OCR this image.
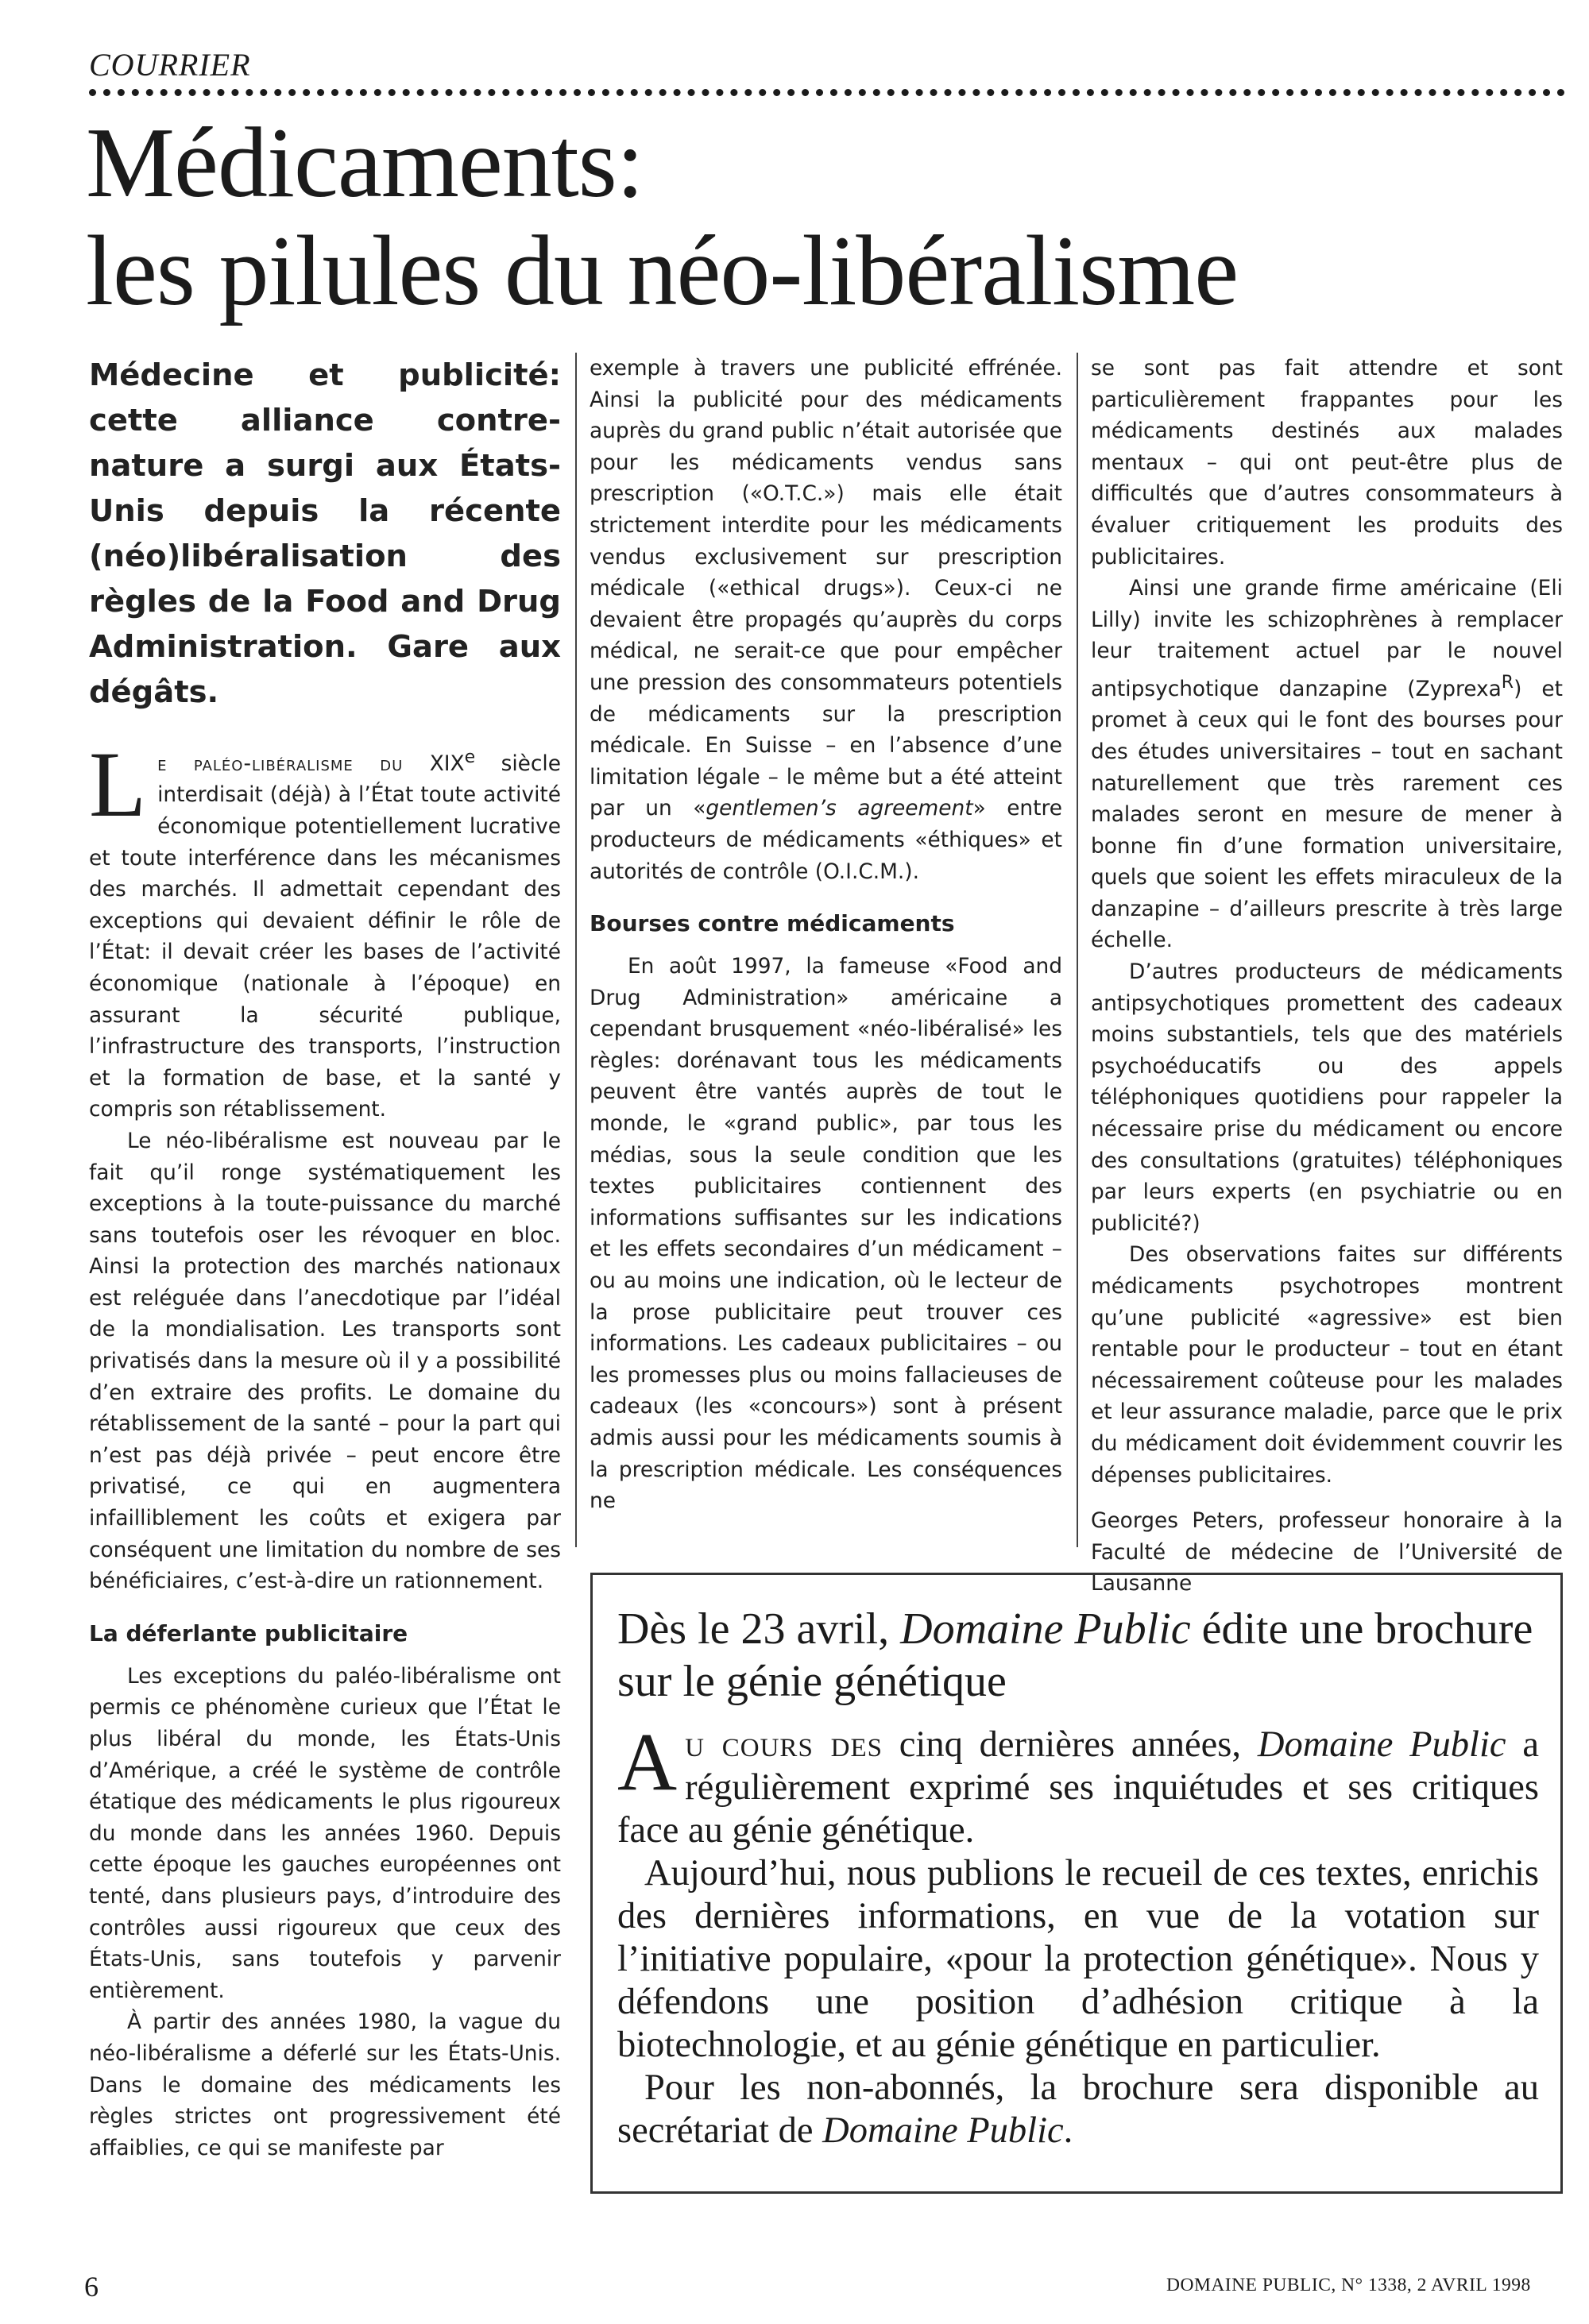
COURRIER
Médicaments:
les pilules du néo-libéralisme
Médecine et publicité: cette alliance contre-nature a surgi aux États-Unis depuis la récente (néo)libéralisation des règles de la Food and Drug Administration. Gare aux dégâts.

Le paléo-libéralisme du XIXe siècle interdisait (déjà) à l’État toute activité économique potentiellement lucrative et toute interférence dans les mécanismes des marchés. Il admettait cependant des exceptions qui devaient définir le rôle de l’État: il devait créer les bases de l’activité économique (nationale à l’époque) en assurant la sécurité publique, l’infrastructure des transports, l’instruction et la formation de base, et la santé y compris son rétablissement.

Le néo-libéralisme est nouveau par le fait qu’il ronge systématiquement les exceptions à la toute-puissance du marché sans toutefois oser les révoquer en bloc. Ainsi la protection des marchés nationaux est reléguée dans l’anecdotique par l’idéal de la mondialisation. Les transports sont privatisés dans la mesure où il y a possibilité d’en extraire des profits. Le domaine du rétablissement de la santé – pour la part qui n’est pas déjà privée – peut encore être privatisé, ce qui en augmentera infailliblement les coûts et exigera par conséquent une limitation du nombre de ses bénéficiaires, c’est-à-dire un rationnement.

La déferlante publicitaire

Les exceptions du paléo-libéralisme ont permis ce phénomène curieux que l’État le plus libéral du monde, les États-Unis d’Amérique, a créé le système de contrôle étatique des médicaments le plus rigoureux du monde dans les années 1960. Depuis cette époque les gauches européennes ont tenté, dans plusieurs pays, d’introduire des contrôles aussi rigoureux que ceux des États-Unis, sans toutefois y parvenir entièrement.

À partir des années 1980, la vague du néo-libéralisme a déferlé sur les États-Unis. Dans le domaine des médicaments les règles strictes ont progressivement été affaiblies, ce qui se manifeste par

exemple à travers une publicité effrénée. Ainsi la publicité pour des médicaments auprès du grand public n’était autorisée que pour les médicaments vendus sans prescription («O.T.C.») mais elle était strictement interdite pour les médicaments vendus exclusivement sur prescription médicale («ethical drugs»). Ceux-ci ne devaient être propagés qu’auprès du corps médical, ne serait-ce que pour empêcher une pression des consommateurs potentiels de médicaments sur la prescription médicale. En Suisse – en l’absence d’une limitation légale – le même but a été atteint par un «gentlemen’s agreement» entre producteurs de médicaments «éthiques» et autorités de contrôle (O.I.C.M.).

Bourses contre médicaments

En août 1997, la fameuse «Food and Drug Administration» américaine a cependant brusquement «néo-libéralisé» les règles: dorénavant tous les médicaments peuvent être vantés auprès de tout le monde, le «grand public», par tous les médias, sous la seule condition que les textes publicitaires contiennent des informations suffisantes sur les indications et les effets secondaires d’un médicament – ou au moins une indication, où le lecteur de la prose publicitaire peut trouver ces informations. Les cadeaux publicitaires – ou les promesses plus ou moins fallacieuses de cadeaux (les «concours») sont à présent admis aussi pour les médicaments soumis à la prescription médicale. Les conséquences ne

se sont pas fait attendre et sont particulièrement frappantes pour les médicaments destinés aux malades mentaux – qui ont peut-être plus de difficultés que d’autres consommateurs à évaluer critiquement les produits des publicitaires.

Ainsi une grande firme américaine (Eli Lilly) invite les schizophrènes à remplacer leur traitement actuel par le nouvel antipsychotique danzapine (Zyprexa$^R$) et promet à ceux qui le font des bourses pour des études universitaires – tout en sachant naturellement que très rarement ces malades seront en mesure de mener à bonne fin d’une formation universitaire, quels que soient les effets miraculeux de la danzapine – d’ailleurs prescrite à très large échelle.

D’autres producteurs de médicaments antipsychotiques promettent des cadeaux moins substantiels, tels que des matériels psychoéducatifs ou des appels téléphoniques quotidiens pour rappeler la nécessaire prise du médicament ou encore des consultations (gratuites) téléphoniques par leurs experts (en psychiatrie ou en publicité?)

Des observations faites sur différents médicaments psychotropes montrent qu’une publicité «agressive» est bien rentable pour le producteur – tout en étant nécessairement coûteuse pour les malades et leur assurance maladie, parce que le prix du médicament doit évidemment couvrir les dépenses publicitaires.

Georges Peters, professeur honoraire à la Faculté de médecine de l’Université de Lausanne

Dès le 23 avril, Domaine Public édite une brochure sur le génie génétique

Au cours des cinq dernières années, Domaine Public a régulièrement exprimé ses inquiétudes et ses critiques face au génie génétique.

Aujourd’hui, nous publions le recueil de ces textes, enrichis des dernières informations, en vue de la votation sur l’initiative populaire, «pour la protection génétique». Nous y défendons une position d’adhésion critique à la biotechnologie, et au génie génétique en particulier.

Pour les non-abonnés, la brochure sera disponible au secrétariat de Domaine Public.

6	DOMAINE PUBLIC, N° 1338, 2 AVRIL 1998
